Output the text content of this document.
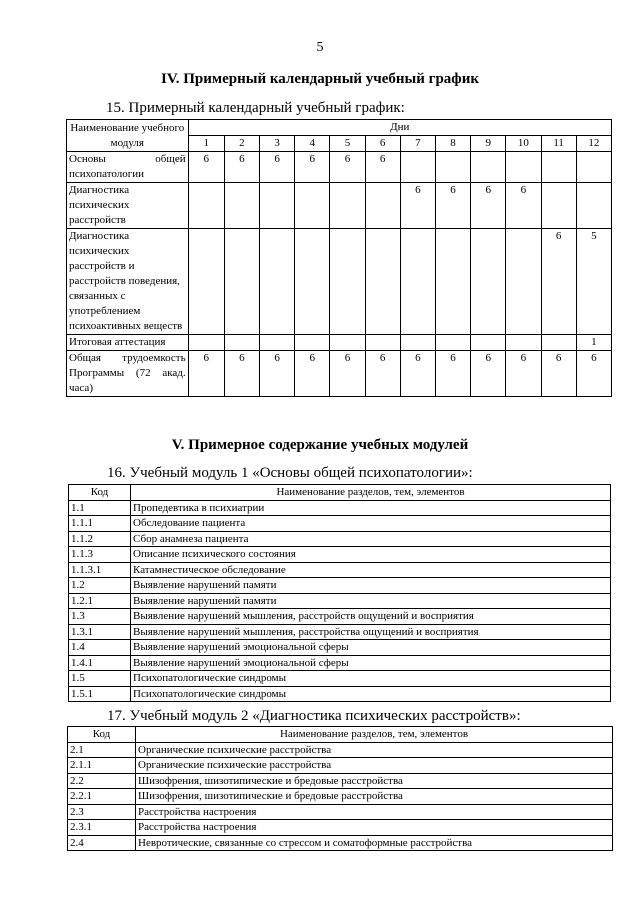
5
IV. Примерный календарный учебный график
15. Примерный календарный учебный график:
Наименование учебного модуля	Дни											
	1	2	3	4	5	6	7	8	9	10	11	12
Основы общей психопатологии	6	6	6	6	6	6						
Диагностика психических расстройств							6	6	6	6		
Диагностика психических расстройств и расстройств поведения, связанных с употреблением психоактивных веществ											6	5
Итоговая аттестация												1
Общая трудоемкость Программы (72 акад. часа)	6	6	6	6	6	6	6	6	6	6	6	6
V. Примерное содержание учебных модулей
16. Учебный модуль 1 «Основы общей психопатологии»:
Код	Наименование разделов, тем, элементов
1.1	Пропедевтика в психиатрии
1.1.1	Обследование пациента
1.1.2	Сбор анамнеза пациента
1.1.3	Описание психического состояния
1.1.3.1	Катамнестическое обследование
1.2	Выявление нарушений памяти
1.2.1	Выявление нарушений памяти
1.3	Выявление нарушений мышления, расстройств ощущений и восприятия
1.3.1	Выявление нарушений мышления, расстройства ощущений и восприятия
1.4	Выявление нарушений эмоциональной сферы
1.4.1	Выявление нарушений эмоциональной сферы
1.5	Психопатологические синдромы
1.5.1	Психопатологические синдромы
17. Учебный модуль 2 «Диагностика психических расстройств»:
Код	Наименование разделов, тем, элементов
2.1	Органические психические расстройства
2.1.1	Органические психические расстройства
2.2	Шизофрения, шизотипические и бредовые расстройства
2.2.1	Шизофрения, шизотипические и бредовые расстройства
2.3	Расстройства настроения
2.3.1	Расстройства настроения
2.4	Невротические, связанные со стрессом и соматоформные расстройства
